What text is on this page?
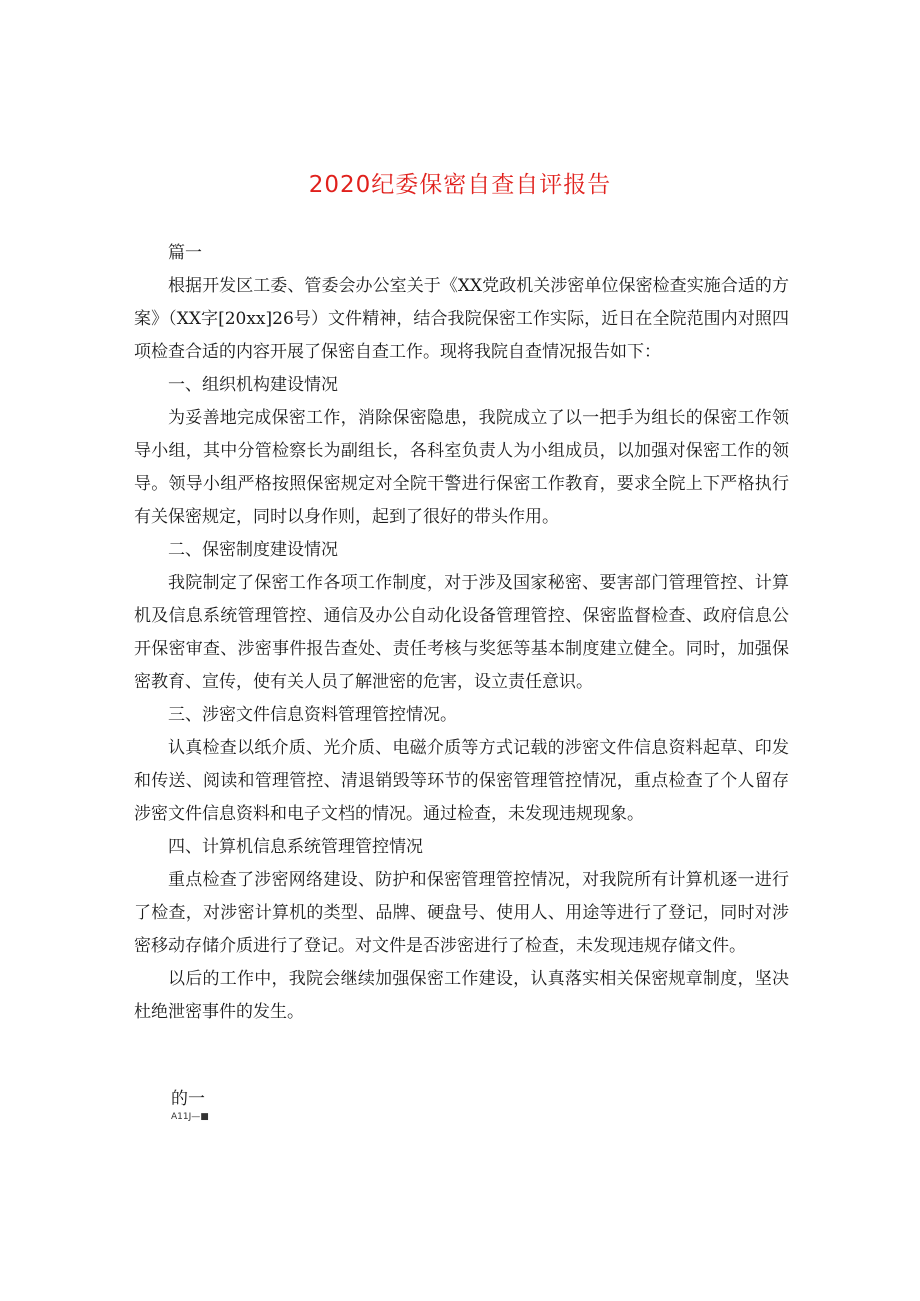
2020纪委保密自查自评报告

篇一

根据开发区工委、管委会办公室关于《XX党政机关涉密单位保密检查实施合适的方案》（XX字[20xx]26号）文件精神，结合我院保密工作实际，近日在全院范围内对照四项检查合适的内容开展了保密自查工作。现将我院自查情况报告如下：

一、组织机构建设情况

为妥善地完成保密工作，消除保密隐患，我院成立了以一把手为组长的保密工作领导小组，其中分管检察长为副组长，各科室负责人为小组成员，以加强对保密工作的领导。领导小组严格按照保密规定对全院干警进行保密工作教育，要求全院上下严格执行有关保密规定，同时以身作则，起到了很好的带头作用。

二、保密制度建设情况

我院制定了保密工作各项工作制度，对于涉及国家秘密、要害部门管理管控、计算机及信息系统管理管控、通信及办公自动化设备管理管控、保密监督检查、政府信息公开保密审查、涉密事件报告查处、责任考核与奖惩等基本制度建立健全。同时，加强保密教育、宣传，使有关人员了解泄密的危害，设立责任意识。

三、涉密文件信息资料管理管控情况。

认真检查以纸介质、光介质、电磁介质等方式记载的涉密文件信息资料起草、印发和传送、阅读和管理管控、清退销毁等环节的保密管理管控情况，重点检查了个人留存涉密文件信息资料和电子文档的情况。通过检查，未发现违规现象。

四、计算机信息系统管理管控情况

重点检查了涉密网络建设、防护和保密管理管控情况，对我院所有计算机逐一进行了检查，对涉密计算机的类型、品牌、硬盘号、使用人、用途等进行了登记，同时对涉密移动存储介质进行了登记。对文件是否涉密进行了检查，未发现违规存储文件。

以后的工作中，我院会继续加强保密工作建设，认真落实相关保密规章制度，坚决杜绝泄密事件的发生。

的一
A11J—■
